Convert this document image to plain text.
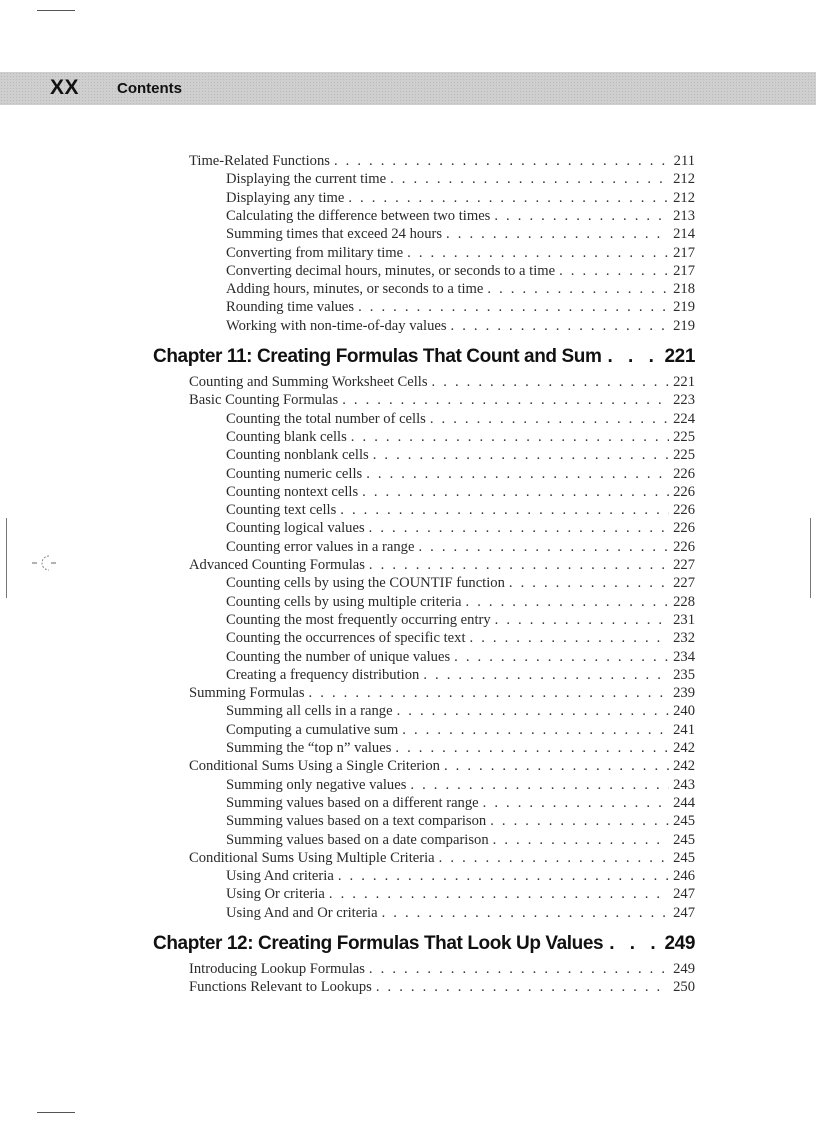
XX	Contents
Time-Related Functions . . .	211
Displaying the current time . . .	212
Displaying any time . . .	212
Calculating the difference between two times . . .	213
Summing times that exceed 24 hours . . .	214
Converting from military time . . .	217
Converting decimal hours, minutes, or seconds to a time . . .	217
Adding hours, minutes, or seconds to a time . . .	218
Rounding time values . . .	219
Working with non-time-of-day values . . .	219
Chapter 11: Creating Formulas That Count and Sum . . .	221
Counting and Summing Worksheet Cells . . .	221
Basic Counting Formulas . . .	223
Counting the total number of cells . . .	224
Counting blank cells . . .	225
Counting nonblank cells . . .	225
Counting numeric cells . . .	226
Counting nontext cells . . .	226
Counting text cells . . .	226
Counting logical values . . .	226
Counting error values in a range . . .	226
Advanced Counting Formulas . . .	227
Counting cells by using the COUNTIF function . . .	227
Counting cells by using multiple criteria . . .	228
Counting the most frequently occurring entry . . .	231
Counting the occurrences of specific text . . .	232
Counting the number of unique values . . .	234
Creating a frequency distribution . . .	235
Summing Formulas . . .	239
Summing all cells in a range . . .	240
Computing a cumulative sum . . .	241
Summing the “top n” values . . .	242
Conditional Sums Using a Single Criterion . . .	242
Summing only negative values . . .	243
Summing values based on a different range . . .	244
Summing values based on a text comparison . . .	245
Summing values based on a date comparison . . .	245
Conditional Sums Using Multiple Criteria . . .	245
Using And criteria . . .	246
Using Or criteria . . .	247
Using And and Or criteria . . .	247
Chapter 12: Creating Formulas That Look Up Values . . .	249
Introducing Lookup Formulas . . .	249
Functions Relevant to Lookups . . .	250
